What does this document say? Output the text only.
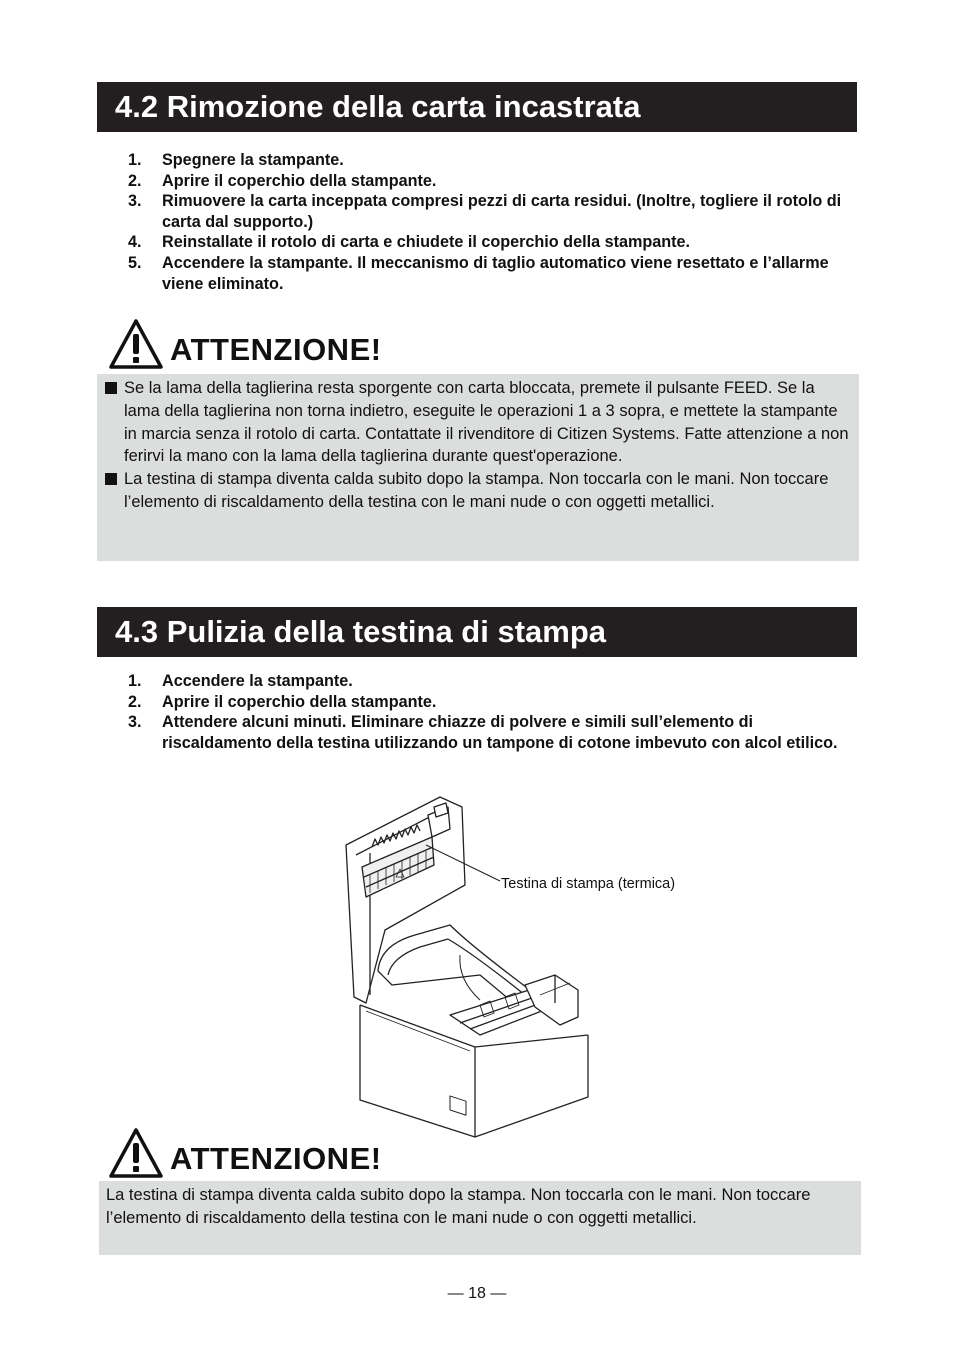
4.2 Rimozione della carta incastrata
1. Spegnere la stampante.
2. Aprire il coperchio della stampante.
3. Rimuovere la carta inceppata compresi pezzi di carta residui. (Inoltre, togliere il rotolo di carta dal supporto.)
4. Reinstallate il rotolo di carta e chiudete il coperchio della stampante.
5. Accendere la stampante. Il meccanismo di taglio automatico viene resettato e l’allarme viene eliminato.
ATTENZIONE!
Se la lama della taglierina resta sporgente con carta bloccata, premete il pulsante FEED. Se la lama della taglierina non torna indietro, eseguite le operazioni 1 a 3 sopra, e mettete la stampante in marcia senza il rotolo di carta. Contattate il rivenditore di Citizen Systems. Fatte attenzione a non ferirvi la mano con la lama della taglierina durante quest'operazione.
La testina di stampa diventa calda subito dopo la stampa. Non toccarla con le mani. Non toccare l’elemento di riscaldamento della testina con le mani nude o con oggetti metallici.
4.3 Pulizia della testina di stampa
1. Accendere la stampante.
2. Aprire il coperchio della stampante.
3. Attendere alcuni minuti. Eliminare chiazze di polvere e simili sull’elemento di riscaldamento della testina utilizzando un tampone di cotone imbevuto con alcol etilico.
Testina di stampa (termica)
ATTENZIONE!
La testina di stampa diventa calda subito dopo la stampa. Non toccarla con le mani. Non toccare l’elemento di riscaldamento della testina con le mani nude o con oggetti metallici.
— 18 —
